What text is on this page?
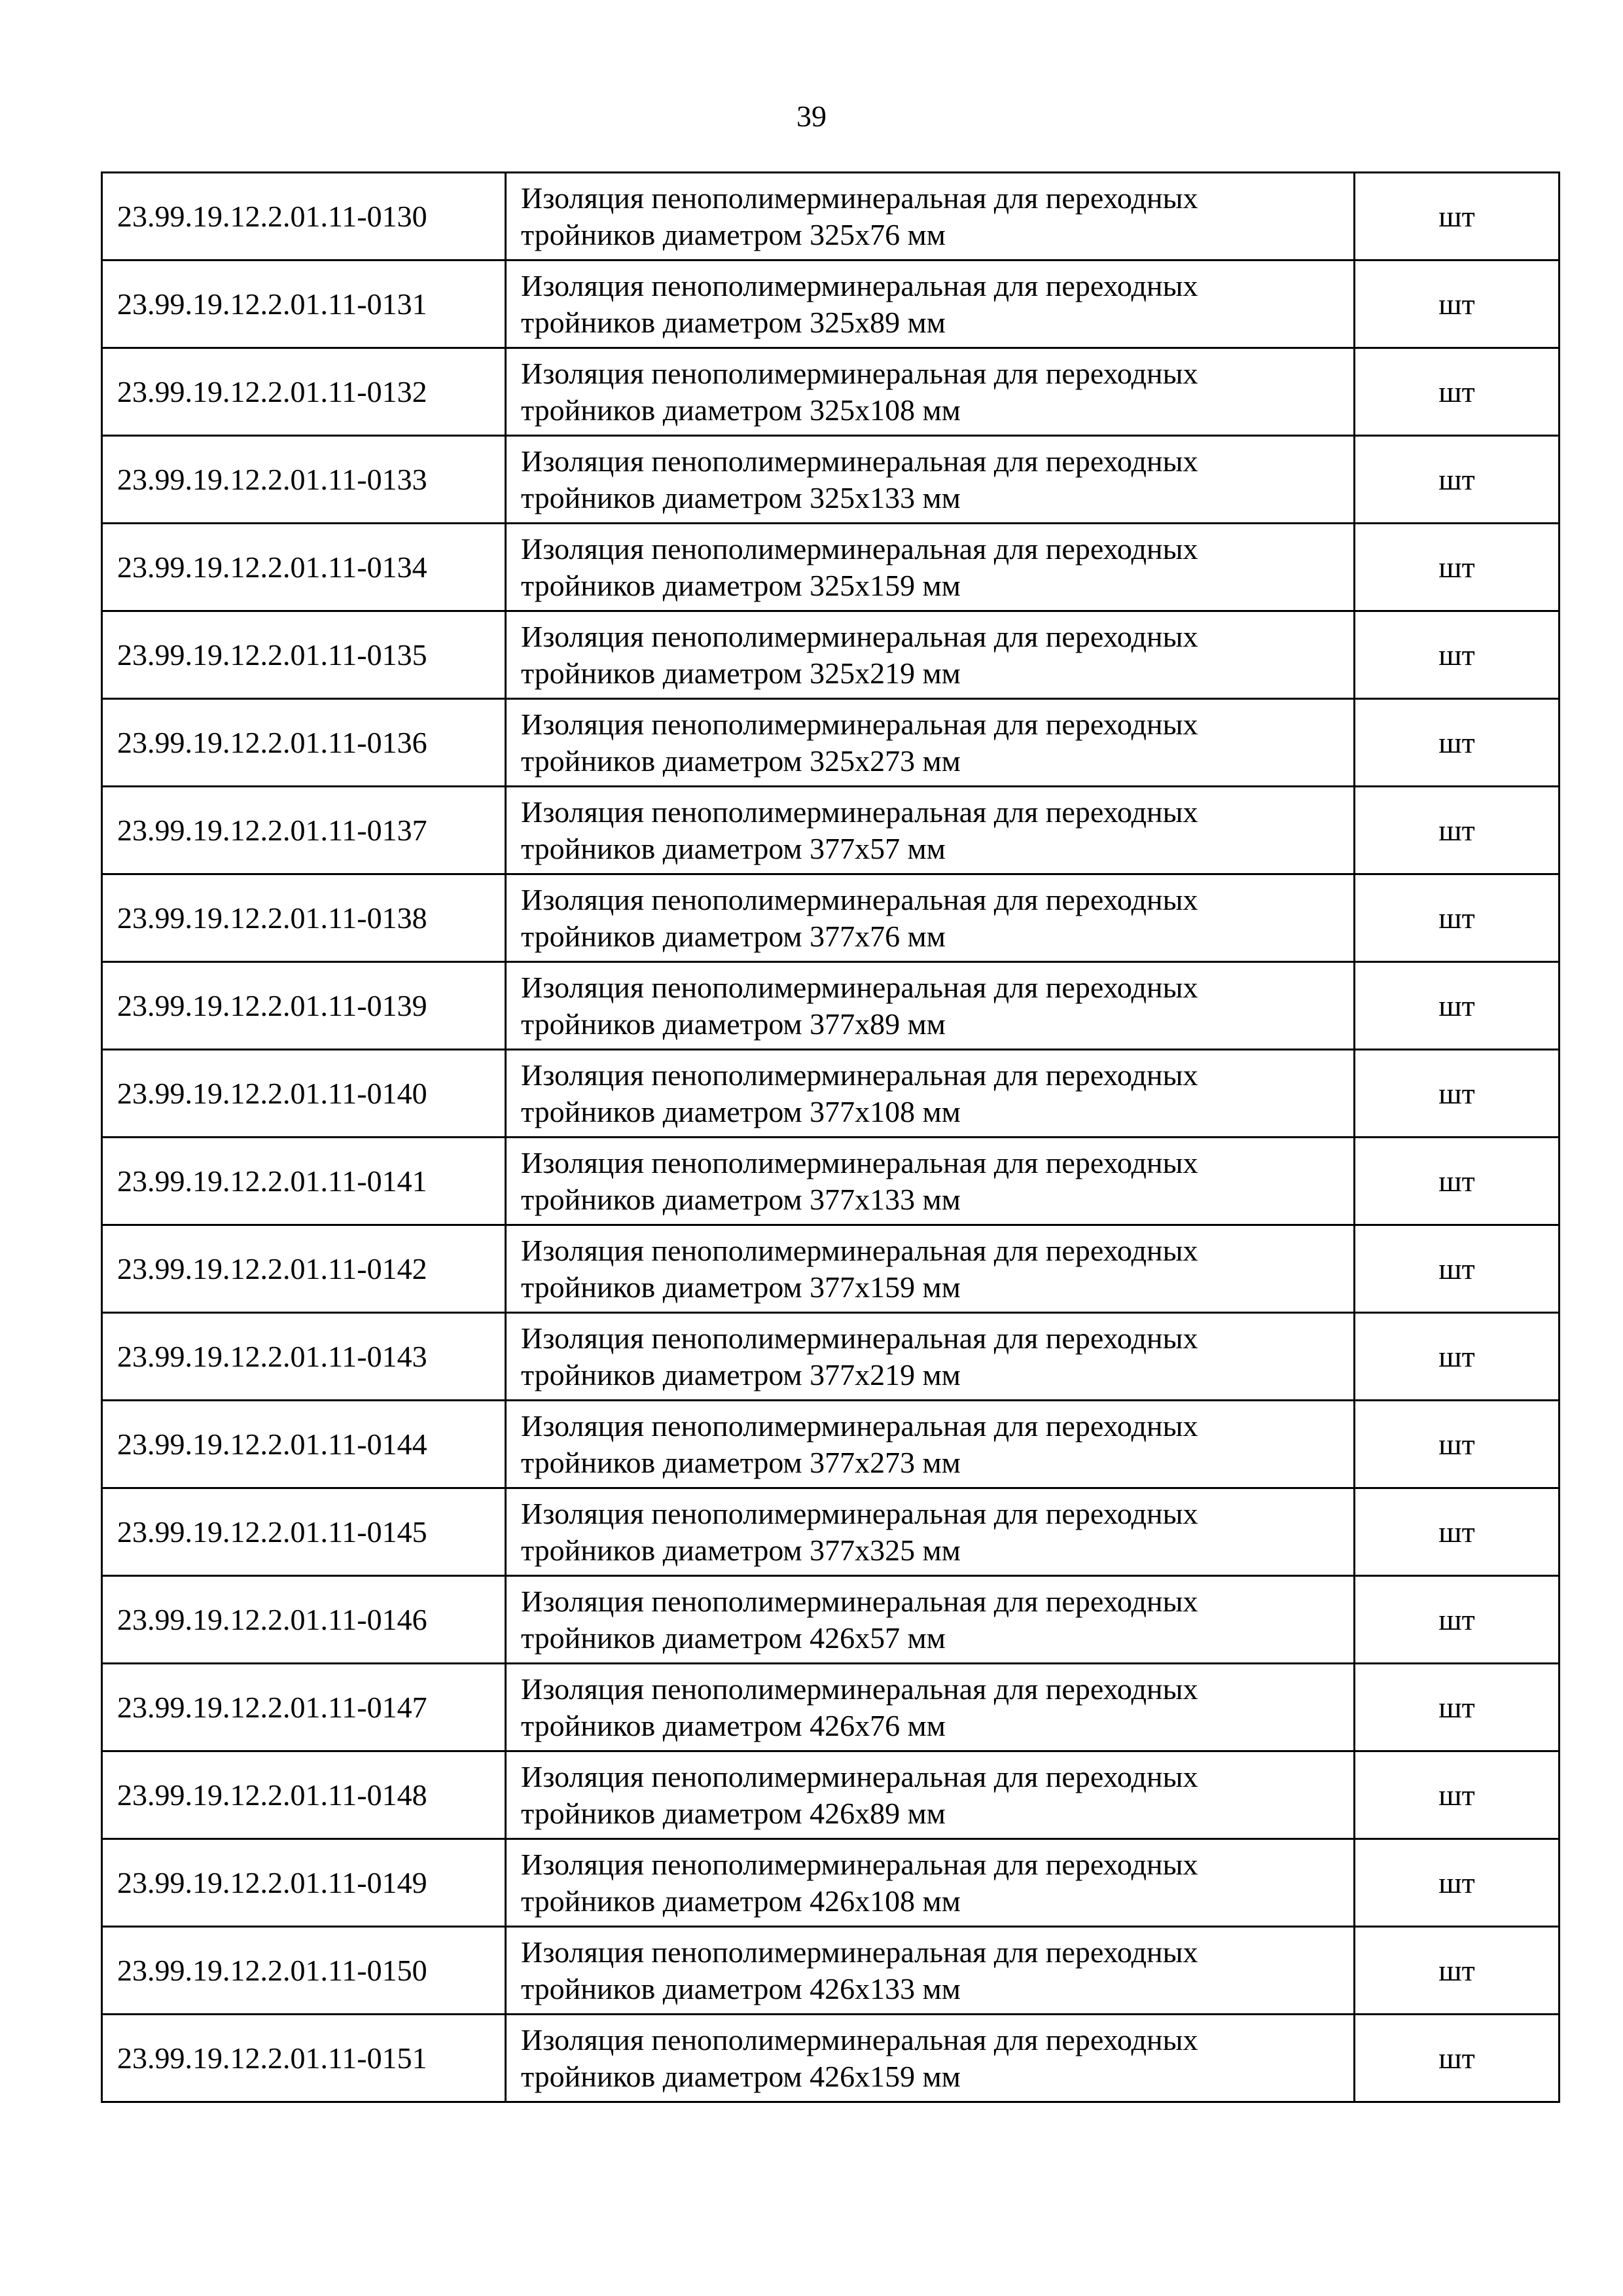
39
23.99.19.12.2.01.11-0130	Изоляция пенополимерминеральная для переходных
тройников диаметром 325х76 мм	шт
23.99.19.12.2.01.11-0131	Изоляция пенополимерминеральная для переходных
тройников диаметром 325х89 мм	шт
23.99.19.12.2.01.11-0132	Изоляция пенополимерминеральная для переходных
тройников диаметром 325х108 мм	шт
23.99.19.12.2.01.11-0133	Изоляция пенополимерминеральная для переходных
тройников диаметром 325х133 мм	шт
23.99.19.12.2.01.11-0134	Изоляция пенополимерминеральная для переходных
тройников диаметром 325х159 мм	шт
23.99.19.12.2.01.11-0135	Изоляция пенополимерминеральная для переходных
тройников диаметром 325х219 мм	шт
23.99.19.12.2.01.11-0136	Изоляция пенополимерминеральная для переходных
тройников диаметром 325х273 мм	шт
23.99.19.12.2.01.11-0137	Изоляция пенополимерминеральная для переходных
тройников диаметром 377х57 мм	шт
23.99.19.12.2.01.11-0138	Изоляция пенополимерминеральная для переходных
тройников диаметром 377х76 мм	шт
23.99.19.12.2.01.11-0139	Изоляция пенополимерминеральная для переходных
тройников диаметром 377х89 мм	шт
23.99.19.12.2.01.11-0140	Изоляция пенополимерминеральная для переходных
тройников диаметром 377х108 мм	шт
23.99.19.12.2.01.11-0141	Изоляция пенополимерминеральная для переходных
тройников диаметром 377х133 мм	шт
23.99.19.12.2.01.11-0142	Изоляция пенополимерминеральная для переходных
тройников диаметром 377х159 мм	шт
23.99.19.12.2.01.11-0143	Изоляция пенополимерминеральная для переходных
тройников диаметром 377х219 мм	шт
23.99.19.12.2.01.11-0144	Изоляция пенополимерминеральная для переходных
тройников диаметром 377х273 мм	шт
23.99.19.12.2.01.11-0145	Изоляция пенополимерминеральная для переходных
тройников диаметром 377х325 мм	шт
23.99.19.12.2.01.11-0146	Изоляция пенополимерминеральная для переходных
тройников диаметром 426х57 мм	шт
23.99.19.12.2.01.11-0147	Изоляция пенополимерминеральная для переходных
тройников диаметром 426х76 мм	шт
23.99.19.12.2.01.11-0148	Изоляция пенополимерминеральная для переходных
тройников диаметром 426х89 мм	шт
23.99.19.12.2.01.11-0149	Изоляция пенополимерминеральная для переходных
тройников диаметром 426х108 мм	шт
23.99.19.12.2.01.11-0150	Изоляция пенополимерминеральная для переходных
тройников диаметром 426х133 мм	шт
23.99.19.12.2.01.11-0151	Изоляция пенополимерминеральная для переходных
тройников диаметром 426х159 мм	шт
